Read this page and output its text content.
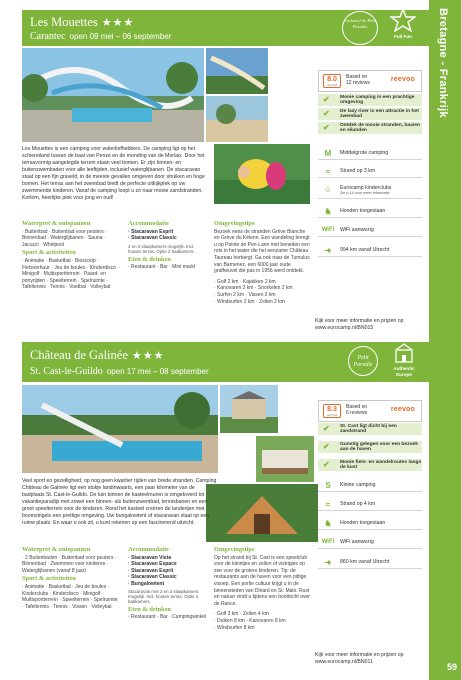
Bretagne - Frankrijk
59
Les Mouettes ★★★
Carantec open 09 mei – 06 september
Exclusief de Petit Paradis
Full Fun
Les Mouettes is een camping voor waterliefhebbers. De camping ligt op het schiereiland tussen de baai van Penze en de monding van de Morlaix. Door het terrasvormig aangelegde terrein staan veel bomen. Er zijn binnen- en buitenzwembaden voor alle leeftijden, inclusief waterglijbanen. De stacaravan staat op een fijn graveld, in de meeste gevallen omgeven door struiken en hoge bomen. Het terras aan het zwembad biedt de perfecte uitkijkplek op uw zwemmende kinderen. Vanaf de camping loopt u zo naar mooie zandstranden. Kortom, heerlijke plek voor jong en oud!
Waterpret & ontspannen
· Buitenbad · Buitenbad voor peuters · Binnenbad · Waterglijbanen · Sauna · Jacuzzi · Whirlpool
Sport & activiteiten
· Animatie · Basketbal · Bioscoop · Fietsverhuur · Jeu de boules · Kinderdisco · Minigolf · Multisportterrein · Paard- en ponyrijden · Speelterrein · Spelruimte · Tafeltennis · Tennis · Voetbal · Volleybal
Accommodatie
· Stacaravan Esprit
· Stacaravan Classic
2 en 3 slaapkamers mogelijk. Incl. houten terras. Optie 2 badkamers.
Eten & drinken
· Restaurant · Bar · Mini markt
Omgevingstips
Bezoek eens de stranden Grève Blanche en Grève du Kélenn. Een wandeling brengt u op Pointe de Pen-Lann met beneden een rots in het water die het eenzame Château Taureau herbergt. Ga ook naar de Tumulus van Barnenez, een 6000 jaar oude grafheuvel die pas in 1955 werd ontdekt.
· Golf 2 km · Kajakken 2 km
· Kanovaren 2 km · Snorkelen 2 km
· Surfen 2 km · Vissen 2 km
· Windsurfen 2 km · Zeilen 2 km
8.0
out of 10
Based on
12 reviews
reevoo
✔	Mooie camping in een prachtige omgeving
✔	De lazy river is een attractie in het zwembad
✔	Ontdek de mooie stranden, baaien en eilanden
M	Middelgrote camping
≈	Strand op 3 km
☺	Eurocamp kinderclubs
Zie p.14 voor meer informatie
♞	Honden toegestaan
WiFi WiFi aanwezig
➜	994 km vanaf Utrecht
Kijk voor meer informatie en prijzen op www.eurocamp.nl/BN015
Château de Galinée ★★★
St. Cast-le-Guildo open 17 mei – 08 september
Petit Paradis
Authentic
Europe
Veel sport en gezelligheid, op nog geen kwartier rijden van brede stranden. Camping Château de Galinée ligt een stukje landinwaarts, een paar kilometer van de badplaats St. Cast-le-Guildo. De tuin binnen de kasteelmuren is omgetoverd tot vakantieparadijs met zowel een binnen- als buitenzwembad, tennisbanen en een groot speelterrein voor de kinderen. Rond het kasteel creëren de landerijen met boomsingels een prettige omgeving. Uw bungalowtent of stacaravan staat op een ruime plaats. En waar u ook zit, u kunt rekenen op een fascinerend uitzicht.
Waterpret & ontspannen
· 2 Buitenbaden · Buitenbad voor peuters · Binnenbad · Zwemmen voor kinderen · Waterglijbanen (vanaf 8 jaar)
Sport & activiteiten
· Animatie · Basketbal · Jeu de boules · Kinderclubs · Kinderdisco · Minigolf · Multisportterrein · Speelterrein · Spelruimte · Tafeltennis · Tennis · Vissen · Volleybal
Accommodatie
· Stacaravan Vista
· Stacaravan Espace
· Stacaravan Esprit
· Stacaravan Classic
· Bungalowtent
Stacaravan met 2 en 3 slaapkamers mogelijk. Incl. houten terras. Optie 2 badkamers.
Eten & drinken
· Restaurant · Bar · Campingwinkel
Omgevingstips
Op het strand bij St. Cast is een speelclub voor de kleintjes en zeilen of vistripjes op zee voor de grotere kinderen. Tip: de restaurants aan de haven voor een pittige visoep. Een portie cultuur krijgt u in de binnensteden van Dinard en St. Malo. Rust en natuur vindt u tijdens een boottocht over de Rance.
· Golf 3 km · Zeilen 4 km
· Duiken 8 km · Kanovaren 8 km
· Windsurfen 8 km
8.3
out of 10
Based on
6 reviews
reevoo
✔	St. Cast ligt dicht bij een zandstrand
✔	Gunstig gelegen voor een bezoek aan de haven
✔	Mooie fiets- en wandelroutes langs de kust
S	Kleine camping
≈	Strand op 4 km
♞	Honden toegestaan
WiFi WiFi aanwezig
➜	860 km vanaf Utrecht
Kijk voor meer informatie en prijzen op www.eurocamp.nl/BN011
